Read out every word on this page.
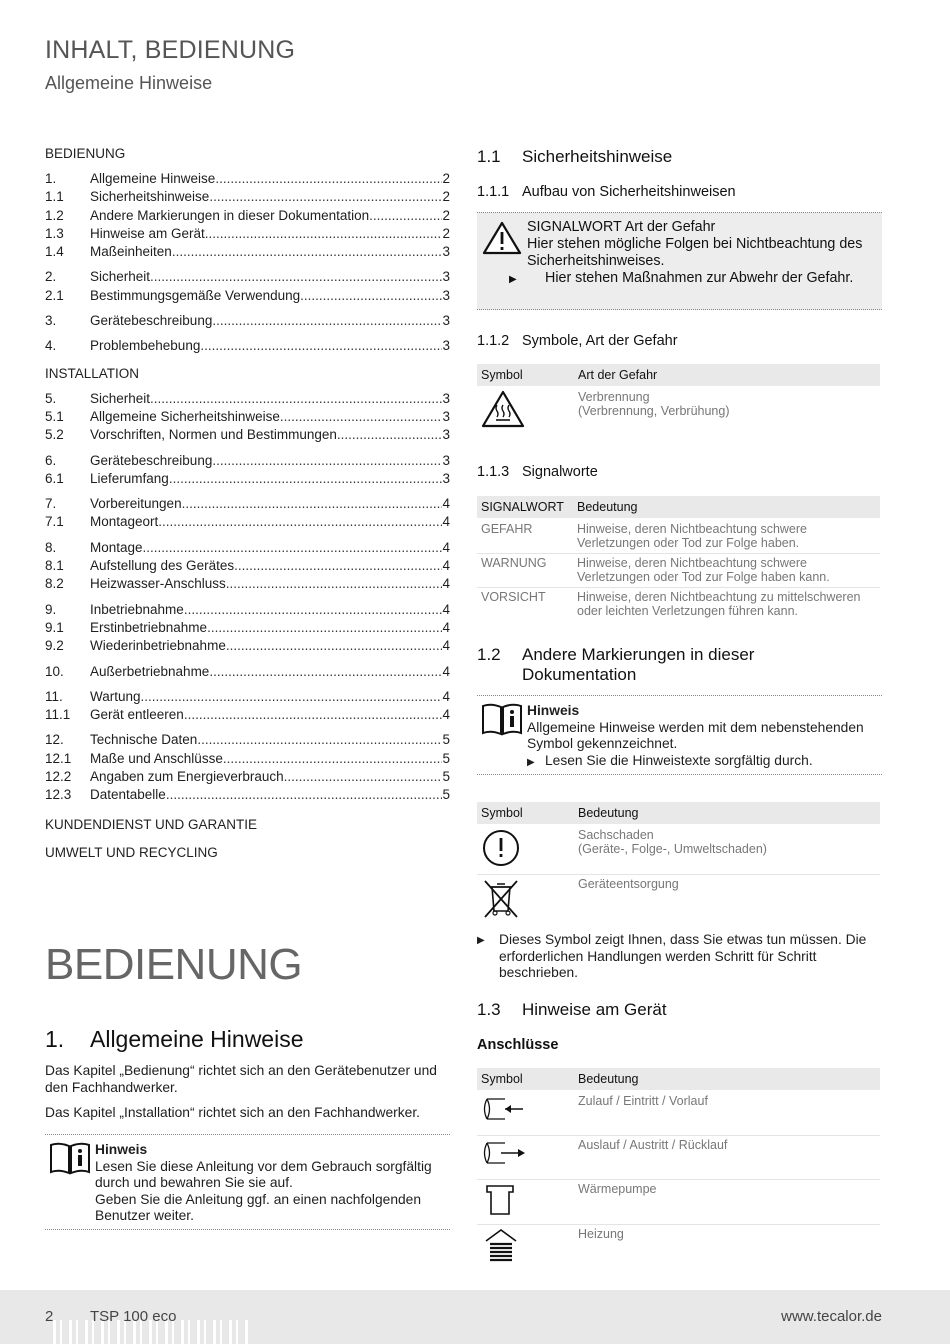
INHALT, BEDIENUNG
Allgemeine Hinweise
BEDIENUNG
1.	Allgemeine Hinweise .....	2
1.1	Sicherheitshinweise .....	2
1.2	Andere Markierungen in dieser Dokumentation .....	2
1.3	Hinweise am Gerät .....	2
1.4	Maßeinheiten .....	3
2.	Sicherheit .....	3
2.1	Bestimmungsgemäße Verwendung .....	3
3.	Gerätebeschreibung .....	3
4.	Problembehebung .....	3
INSTALLATION
5.	Sicherheit .....	3
5.1	Allgemeine Sicherheitshinweise .....	3
5.2	Vorschriften, Normen und Bestimmungen .....	3
6.	Gerätebeschreibung .....	3
6.1	Lieferumfang .....	3
7.	Vorbereitungen .....	4
7.1	Montageort .....	4
8.	Montage .....	4
8.1	Aufstellung des Gerätes .....	4
8.2	Heizwasser-Anschluss .....	4
9.	Inbetriebnahme .....	4
9.1	Erstinbetriebnahme .....	4
9.2	Wiederinbetriebnahme .....	4
10.	Außerbetriebnahme .....	4
11.	Wartung .....	4
11.1	Gerät entleeren .....	4
12.	Technische Daten .....	5
12.1	Maße und Anschlüsse .....	5
12.2	Angaben zum Energieverbrauch .....	5
12.3	Datentabelle .....	5
KUNDENDIENST UND GARANTIE
UMWELT UND RECYCLING
BEDIENUNG
1. Allgemeine Hinweise
Das Kapitel „Bedienung“ richtet sich an den Gerätebenutzer und den Fachhandwerker.
Das Kapitel „Installation“ richtet sich an den Fachhandwerker.
Hinweis
Lesen Sie diese Anleitung vor dem Gebrauch sorgfältig durch und bewahren Sie sie auf.
Geben Sie die Anleitung ggf. an einen nachfolgenden Benutzer weiter.
1.1 Sicherheitshinweise
1.1.1 Aufbau von Sicherheitshinweisen
SIGNALWORT Art der Gefahr
Hier stehen mögliche Folgen bei Nichtbeachtung des Sicherheitshinweises.
▶ Hier stehen Maßnahmen zur Abwehr der Gefahr.
1.1.2 Symbole, Art der Gefahr
Symbol	Art der Gefahr

Verbrennung
(Verbrennung, Verbrühung)
1.1.3 Signalworte
SIGNALWORT	Bedeutung
GEFAHR	Hinweise, deren Nichtbeachtung schwere Verletzungen oder Tod zur Folge haben.
WARNUNG	Hinweise, deren Nichtbeachtung schwere Verletzungen oder Tod zur Folge haben kann.
VORSICHT	Hinweise, deren Nichtbeachtung zu mittelschweren oder leichten Verletzungen führen kann.
1.2	Andere Markierungen in dieser Dokumentation
Hinweis
Allgemeine Hinweise werden mit dem nebenstehenden Symbol gekennzeichnet.
▶ Lesen Sie die Hinweistexte sorgfältig durch.
Symbol	Bedeutung

Sachschaden
(Geräte-, Folge-, Umweltschaden)

	Geräteentsorgung
▶ Dieses Symbol zeigt Ihnen, dass Sie etwas tun müssen. Die erforderlichen Handlungen werden Schritt für Schritt beschrieben.
1.3 Hinweise am Gerät
Anschlüsse
Symbol	Bedeutung
	Zulauf / Eintritt / Vorlauf
	Auslauf / Austritt / Rücklauf
	Wärmepumpe
	Heizung
2 TSP 100 eco	www.tecalor.de
